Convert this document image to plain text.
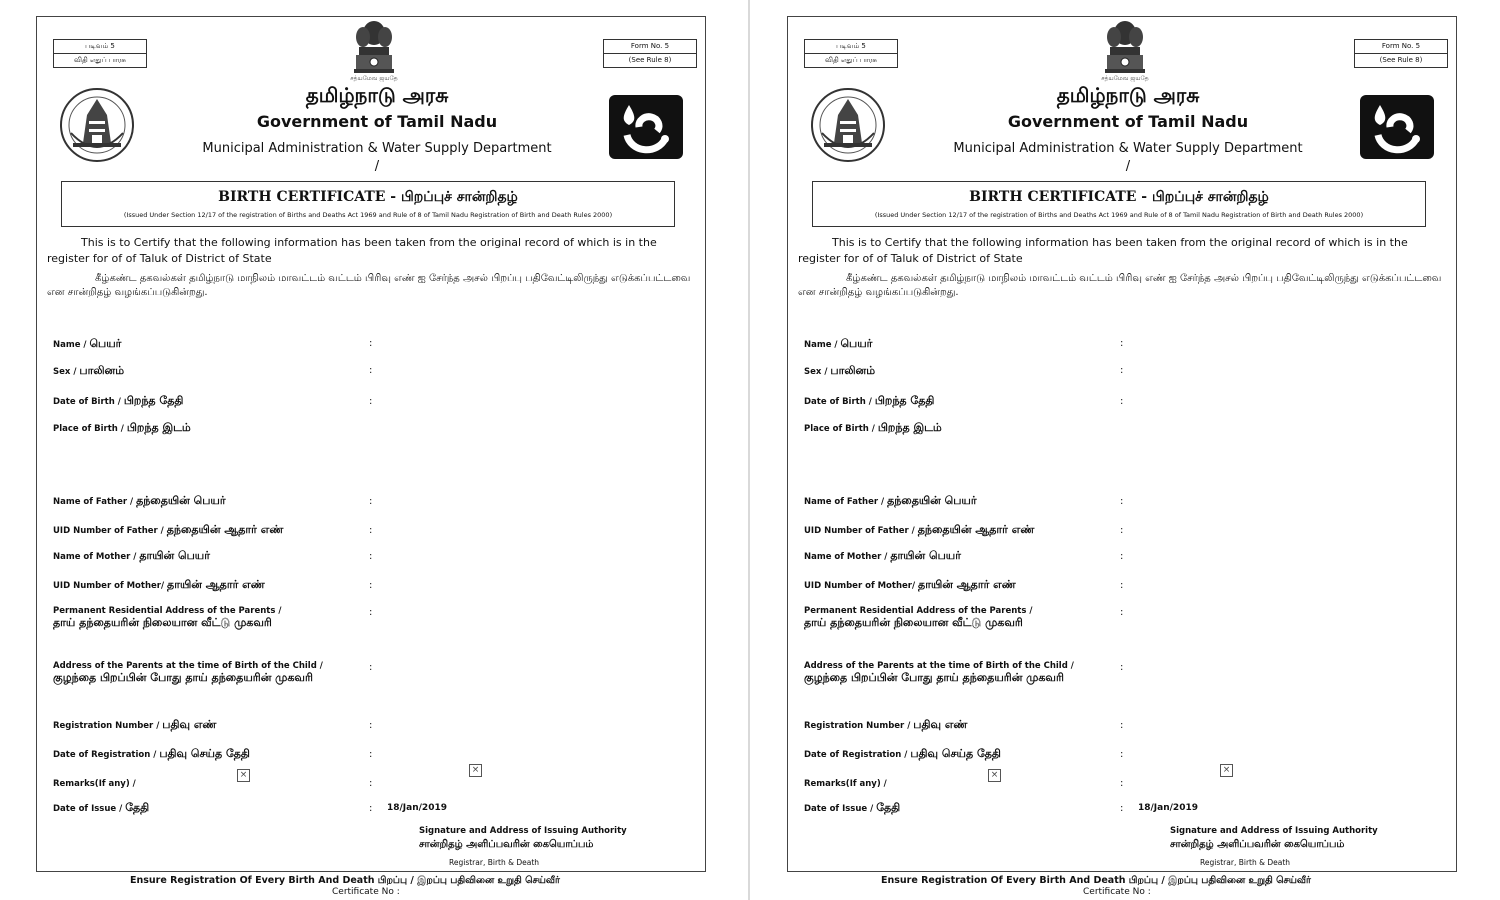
படிவம் 5
விதி எதுப் பாரசு
Form No. 5
(See Rule 8)
சத்யமேவ ஜயதே
தமிழ்நாடு அரசு
Government of Tamil Nadu
Municipal Administration & Water Supply Department
/
BIRTH CERTIFICATE - பிறப்புச் சான்றிதழ்
(Issued Under Section 12/17 of the registration of Births and Deaths Act 1969 and Rule of 8 of Tamil Nadu Registration of Birth and Death Rules 2000)
This is to Certify that the following information has been taken from the original record of which is in the register for of of Taluk of District of State
கீழ்கண்ட தகவல்கள் தமிழ்நாடு மாநிலம் மாவட்டம் வட்டம் பிரிவு எண் ஐ சேர்ந்த அசல் பிறப்பு பதிவேட்டிலிருந்து எடுக்கப்பட்டவை என சான்றிதழ் வழங்கப்படுகின்றது.
Name / பெயர்	:
Sex / பாலினம்	:
Date of Birth / பிறந்த தேதி	:
Place of Birth / பிறந்த இடம்
Name of Father / தந்தையின் பெயர்	:
UID Number of Father / தந்தையின் ஆதார் எண்	:
Name of Mother / தாயின் பெயர்	:
UID Number of Mother/ தாயின் ஆதார் எண்	:
Permanent Residential Address of the Parents /
தாய் தந்தையரின் நிலையான வீட்டு முகவரி
:
Address of the Parents at the time of Birth of the Child /
குழந்தை பிறப்பின் போது தாய் தந்தையரின் முகவரி
:
Registration Number / பதிவு எண்	:
Date of Registration / பதிவு செய்த தேதி	:
Remarks(If any) /	:
×	×
Date of Issue / தேதி	: 18/Jan/2019
Signature and Address of Issuing Authority
சான்றிதழ் அளிப்பவரின் கையொப்பம்
Registrar, Birth & Death
படிவம் 5
விதி எதுப் பாரசு
Form No. 5
(See Rule 8)
சத்யமேவ ஜயதே
தமிழ்நாடு அரசு
Government of Tamil Nadu
Municipal Administration & Water Supply Department
/
BIRTH CERTIFICATE - பிறப்புச் சான்றிதழ்
(Issued Under Section 12/17 of the registration of Births and Deaths Act 1969 and Rule of 8 of Tamil Nadu Registration of Birth and Death Rules 2000)
This is to Certify that the following information has been taken from the original record of which is in the register for of of Taluk of District of State
கீழ்கண்ட தகவல்கள் தமிழ்நாடு மாநிலம் மாவட்டம் வட்டம் பிரிவு எண் ஐ சேர்ந்த அசல் பிறப்பு பதிவேட்டிலிருந்து எடுக்கப்பட்டவை என சான்றிதழ் வழங்கப்படுகின்றது.
Name / பெயர்	:
Sex / பாலினம்	:
Date of Birth / பிறந்த தேதி	:
Place of Birth / பிறந்த இடம்
Name of Father / தந்தையின் பெயர்	:
UID Number of Father / தந்தையின் ஆதார் எண்	:
Name of Mother / தாயின் பெயர்	:
UID Number of Mother/ தாயின் ஆதார் எண்	:
Permanent Residential Address of the Parents /
தாய் தந்தையரின் நிலையான வீட்டு முகவரி
:
Address of the Parents at the time of Birth of the Child /
குழந்தை பிறப்பின் போது தாய் தந்தையரின் முகவரி
:
Registration Number / பதிவு எண்	:
Date of Registration / பதிவு செய்த தேதி	:
Remarks(If any) /	:
×	×
Date of Issue / தேதி	: 18/Jan/2019
Signature and Address of Issuing Authority
சான்றிதழ் அளிப்பவரின் கையொப்பம்
Registrar, Birth & Death
Ensure Registration Of Every Birth And Death பிறப்பு / இறப்பு பதிவினை உறுதி செய்வீர்
Certificate No :
Ensure Registration Of Every Birth And Death பிறப்பு / இறப்பு பதிவினை உறுதி செய்வீர்
Certificate No :
